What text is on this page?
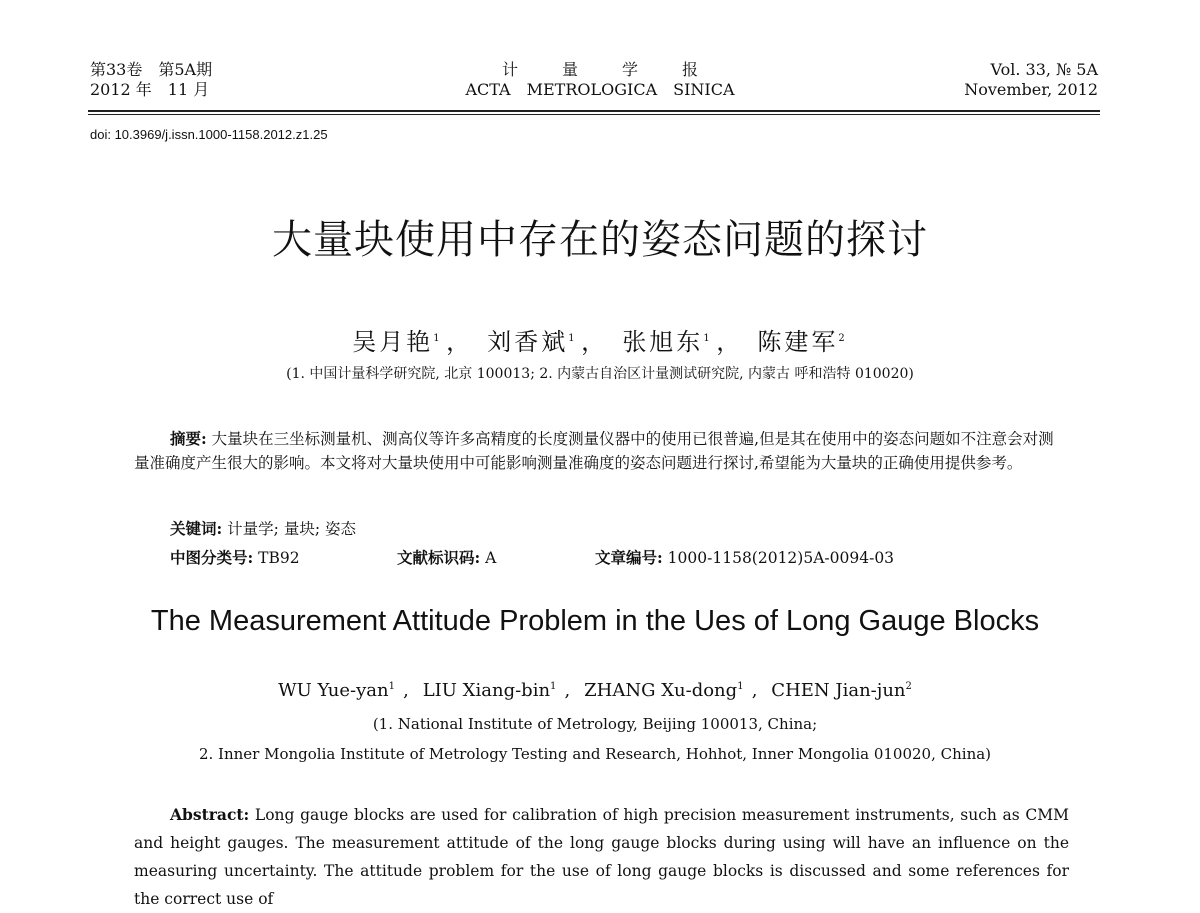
第33卷　第5A期
2012 年　11 月
计量学报
ACTA　METROLOGICA　SINICA
Vol. 33, № 5A
November, 2012
doi: 10.3969/j.issn.1000-1158.2012.z1.25
大量块使用中存在的姿态问题的探讨
吴月艳$^1$ ， 刘香斌$^1$ ， 张旭东$^1$ ， 陈建军$^2$
(1. 中国计量科学研究院, 北京 100013; 2. 内蒙古自治区计量测试研究院, 内蒙古 呼和浩特 010020)
摘要: 大量块在三坐标测量机、测高仪等许多高精度的长度测量仪器中的使用已很普遍,但是其在使用中的姿态问题如不注意会对测量准确度产生很大的影响。本文将对大量块使用中可能影响测量准确度的姿态问题进行探讨,希望能为大量块的正确使用提供参考。
关键词: 计量学; 量块; 姿态
中图分类号: TB92	文献标识码: A	文章编号: 1000-1158(2012)5A-0094-03
The Measurement Attitude Problem in the Ues of Long Gauge Blocks
WU Yue-yan$^1$ , LIU Xiang-bin$^1$ , ZHANG Xu-dong$^1$ , CHEN Jian-jun$^2$
(1. National Institute of Metrology, Beijing 100013, China;
2. Inner Mongolia Institute of Metrology Testing and Research, Hohhot, Inner Mongolia 010020, China)
Abstract: Long gauge blocks are used for calibration of high precision measurement instruments, such as CMM and height gauges. The measurement attitude of the long gauge blocks during using will have an influence on the measuring uncertainty. The attitude problem for the use of long gauge blocks is discussed and some references for the correct use of
